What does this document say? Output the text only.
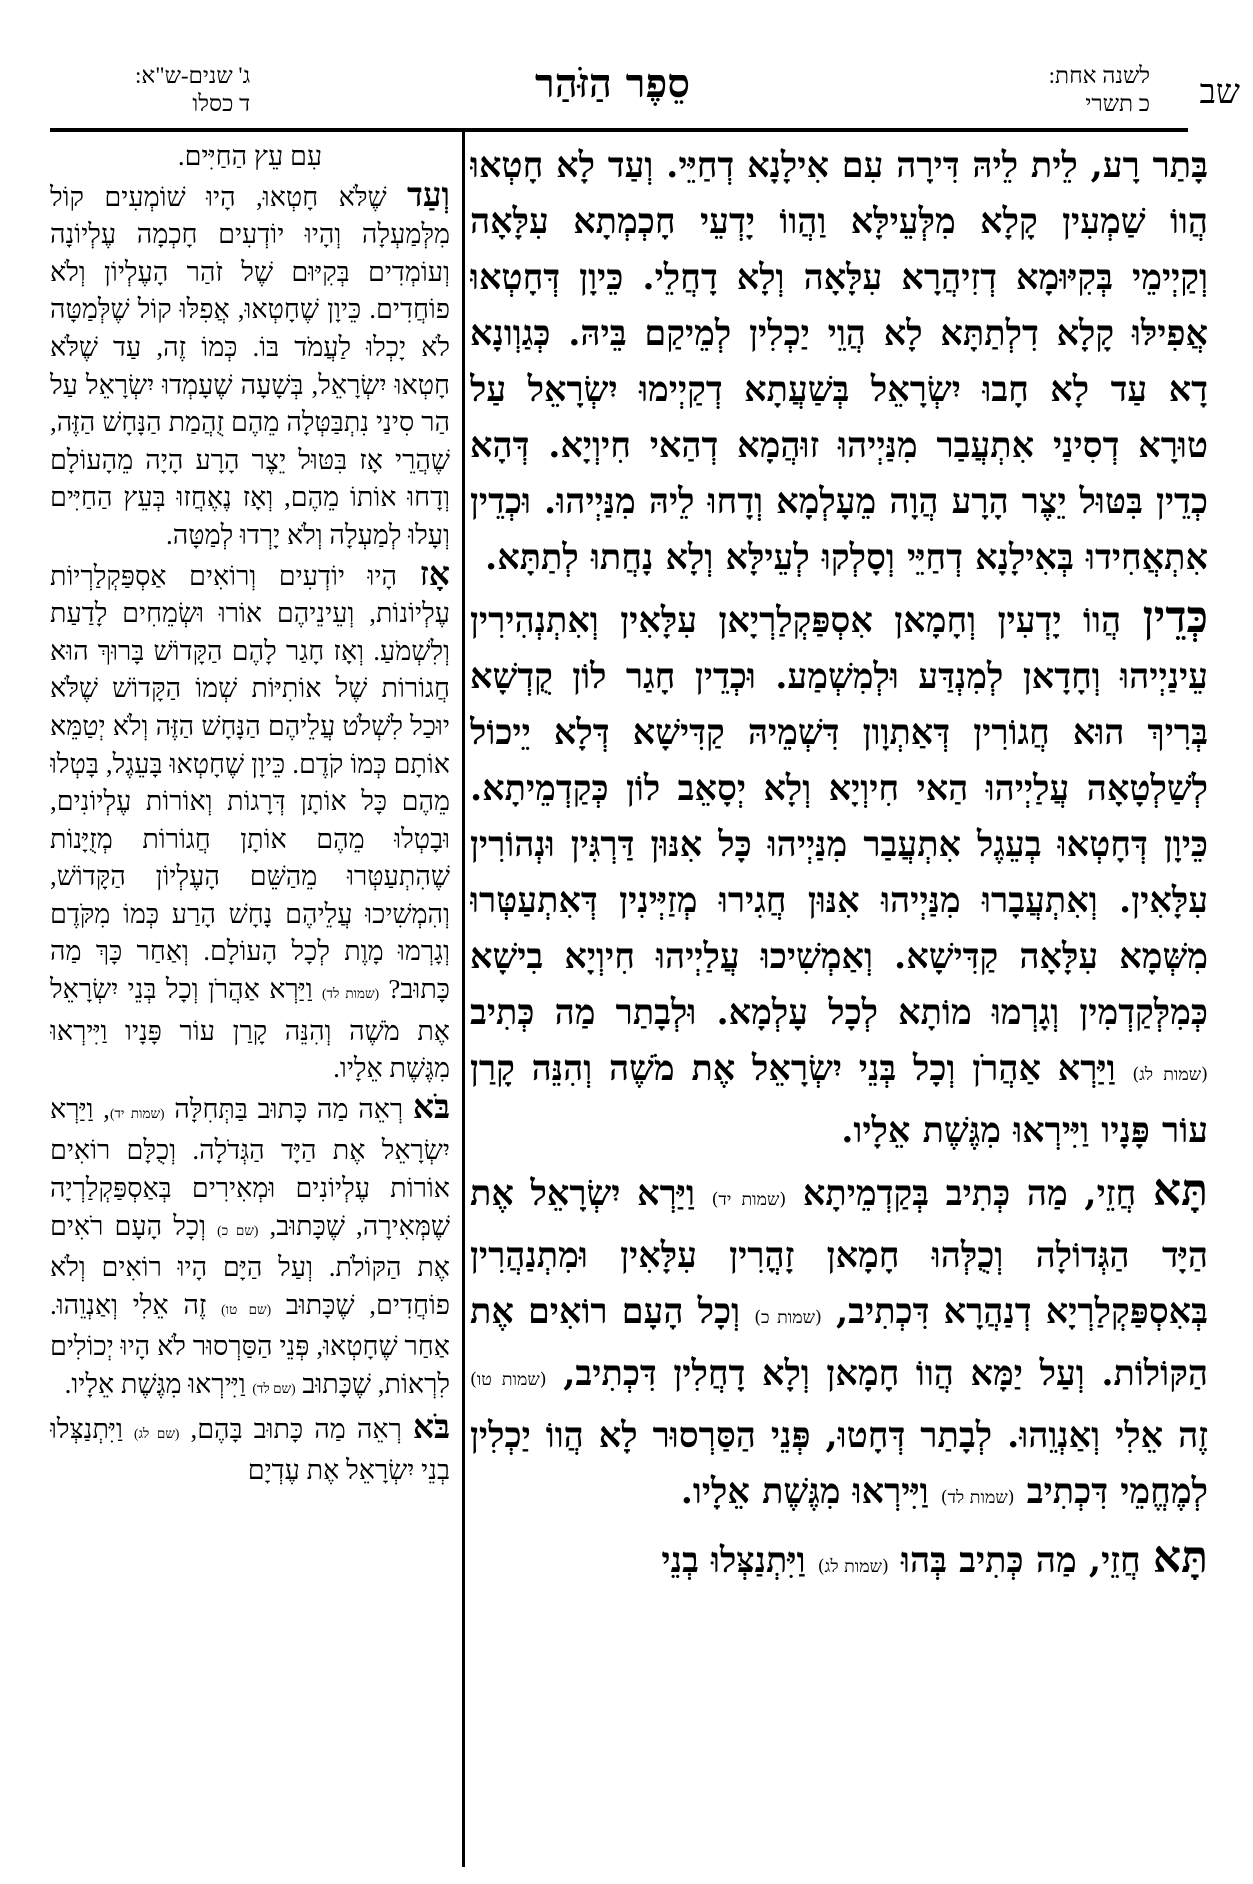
שב
לשנה אחת:
כ תשרי
סֵפֶר הַזֹּהַר
ג' שנים-ש"א:
ד כסלו

בָּתַר רָע, לֵית לֵיהּ דִּירָה עִם אִילָנָא דְחַיֵּי. וְעַד לָא חָטְאוּ הֲווֹ שַׁמְעִין קָלָא מִלְּעֵילָּא וַהֲווֹ יָדְעֵי חָכְמְתָא עִלָּאָה וְקַיְימֵי בְּקִיּוּמָא דְזִיהֲרָא עִלָּאָה וְלָא דָחֲלֵי. כֵּיוָן דְּחָטְאוּ אֲפִילּוּ קָלָא דִלְתַתָּא לָא הֲוֵי יַכְלִין לְמֵיקַם בֵּיהּ. כְּגַוְונָא דָא עַד לָא חָבוּ יִשְׂרָאֵל בְּשַׁעֲתָא דְקַיְימוּ יִשְׂרָאֵל עַל טוּרָא דְסִינַי אִתְעֲבַר מִנַּיְיהוּ זוּהֲמָא דְהַאי חִיוְיָא. דְּהָא כְדֵין בִּטּוּל יֵצֶר הָרָע הֲוָה מֵעָלְמָא וְדָחוּ לֵיהּ מִנַּיְיהוּ. וּכְדֵין אִתְאֲחִידוּ בְּאִילָנָא דְחַיֵּי וְסָלְקוּ לְעֵילָּא וְלָא נָחֲתוּ לְתַתָּא.

כְּדֵין הֲווֹ יָדְעִין וְחָמָאן אִסְפַּקְלַרְיָאן עִלָּאִין וְאִתְנְהִירִין עֵינַיְיהוּ וְחָדָאן לְמִנְדַּע וּלְמִשְׁמַע. וּכְדֵין חָגַר לוֹן קֻדְשָׁא בְּרִיךְ הוּא חֲגוֹרִין דְּאַתְוָון דִּשְׁמֵיהּ קַדִּישָׁא דְּלָא יֵיכוֹל לְשַׁלְטָאָה עֲלַיְיהוּ הַאי חִיוְיָא וְלָא יְסָאֵב לוֹן כְּקַדְמֵיתָא. כֵּיוָן דְּחָטְאוּ בְעֵגֶל אִתְעֲבַר מִנַּיְיהוּ כָּל אִנּוּן דַּרְגִּין וּנְהוֹרִין עִלָּאִין. וְאִתְעֲבָרוּ מִנַּיְיהוּ אִנּוּן חֲגִירוּ מְזַיְּינִין דְּאִתְעַטְּרוּ מִשְּׁמָא עִלָּאָה קַדִּישָׁא. וְאַמְשִׁיכוּ עֲלַיְיהוּ חִיוְיָא בִישָׁא כְּמִלְּקַדְמִין וְגָרְמוּ מוֹתָא לְכָל עָלְמָא. וּלְבָתַר מַה כְּתִיב (שמות לג) וַיַּרְא אַהֲרֹן וְכָל בְּנֵי יִשְׂרָאֵל אֶת מֹשֶׁה וְהִנֵּה קָרַן עוֹר פָּנָיו וַיִּירְאוּ מִגֶּשֶׁת אֵלָיו.

תָּא חֲזֵי, מַה כְּתִיב בְּקַדְמֵיתָא (שמות יד) וַיַּרְא יִשְׂרָאֵל אֶת הַיָּד הַגְּדוֹלָה וְכֻלְּהוּ חָמָאן זָהֳרִין עִלָּאִין וּמִתְנַהֲרִין בְּאִסְפַּקְלַרְיָא דְנַהֲרָא דִּכְתִיב, (שמות כ) וְכָל הָעָם רוֹאִים אֶת הַקּוֹלוֹת. וְעַל יַמָּא הֲווֹ חָמָאן וְלָא דָחֲלִין דִּכְתִיב, (שמות טו) זֶה אֵלִי וְאַנְוֵהוּ. לְבָתַר דְּחָטוּ, פְּנֵי הַסַּרְסוּר לָא הֲווֹ יַכְלִין לְמֶחֱמֵי דִּכְתִיב (שמות לד) וַיִּירְאוּ מִגֶּשֶׁת אֵלָיו.

תָּא חֲזֵי, מַה כְּתִיב בְּהוּ (שמות לג) וַיִּתְנַצְּלוּ בְנֵי

עִם עֵץ הַחַיִּים.

וְעַד שֶׁלֹּא חָטְאוּ, הָיוּ שׁוֹמְעִים קוֹל מִלְּמַעְלָה וְהָיוּ יוֹדְעִים חָכְמָה עֶלְיוֹנָה וְעוֹמְדִים בְּקִיּוּם שֶׁל זֹהַר הָעֶלְיוֹן וְלֹא פוֹחֲדִים. כֵּיוָן שֶׁחָטְאוּ, אֲפִלּוּ קוֹל שֶׁלְּמַטָּה לֹא יָכְלוּ לַעֲמֹד בּוֹ. כְּמוֹ זֶה, עַד שֶׁלֹּא חָטְאוּ יִשְׂרָאֵל, בְּשָׁעָה שֶׁעָמְדוּ יִשְׂרָאֵל עַל הַר סִינַי נִתְבַּטְּלָה מֵהֶם זֻהֲמַת הַנָּחָשׁ הַזֶּה, שֶׁהֲרֵי אָז בִּטּוּל יֵצֶר הָרָע הָיָה מֵהָעוֹלָם וְדָחוּ אוֹתוֹ מֵהֶם, וְאָז נֶאֶחֲזוּ בְּעֵץ הַחַיִּים וְעָלוּ לְמַעְלָה וְלֹא יָרְדוּ לְמַטָּה.

אָז הָיוּ יוֹדְעִים וְרוֹאִים אַסְפַּקְלַרְיוֹת עֶלְיוֹנוֹת, וְעֵינֵיהֶם אוֹרוּ וּשְׂמֵחִים לָדַעַת וְלִשְׁמֹעַ. וְאָז חָגַר לָהֶם הַקָּדוֹשׁ בָּרוּךְ הוּא חֲגוֹרוֹת שֶׁל אוֹתִיּוֹת שְׁמוֹ הַקָּדוֹשׁ שֶׁלֹּא יוּכַל לִשְׁלֹט עֲלֵיהֶם הַנָּחָשׁ הַזֶּה וְלֹא יְטַמֵּא אוֹתָם כְּמוֹ קֹדֶם. כֵּיוָן שֶׁחָטְאוּ בָּעֵגֶל, בָּטְלוּ מֵהֶם כָּל אוֹתָן דְּרָגוֹת וְאוֹרוֹת עֶלְיוֹנִים, וּבָטְלוּ מֵהֶם אוֹתָן חֲגוֹרוֹת מְזֻיָּנוֹת שֶׁהִתְעַטְּרוּ מֵהַשֵּׁם הָעֶלְיוֹן הַקָּדוֹשׁ, וְהִמְשִׁיכוּ עֲלֵיהֶם נָחָשׁ הָרַע כְּמוֹ מִקֹּדֶם וְגָרְמוּ מָוֶת לְכָל הָעוֹלָם. וְאַחַר כָּךְ מַה כָּתוּב? (שמות לד) וַיַּרְא אַהֲרֹן וְכָל בְּנֵי יִשְׂרָאֵל אֶת מֹשֶׁה וְהִנֵּה קָרַן עוֹר פָּנָיו וַיִּירְאוּ מִגֶּשֶׁת אֵלָיו.

בֹּא רְאֵה מַה כָּתוּב בַּתְּחִלָּה (שמות יד), וַיַּרְא יִשְׂרָאֵל אֶת הַיָּד הַגְּדֹלָה. וְכֻלָּם רוֹאִים אוֹרוֹת עֶלְיוֹנִים וּמְאִירִים בְּאַסְפַּקְלַרְיָה שֶׁמְּאִירָה, שֶׁכָּתוּב, (שם כ) וְכָל הָעָם רֹאִים אֶת הַקּוֹלֹת. וְעַל הַיָּם הָיוּ רוֹאִים וְלֹא פוֹחֲדִים, שֶׁכָּתוּב (שם טו) זֶה אֵלִי וְאַנְוֵהוּ. אַחַר שֶׁחָטְאוּ, פְּנֵי הַסַּרְסוּר לֹא הָיוּ יְכוֹלִים לִרְאוֹת, שֶׁכָּתוּב (שם לד) וַיִּירְאוּ מִגֶּשֶׁת אֵלָיו.

בֹּא רְאֵה מַה כָּתוּב בָּהֶם, (שם לג) וַיִּתְנַצְּלוּ בְנֵי יִשְׂרָאֵל אֶת עֶדְיָם
